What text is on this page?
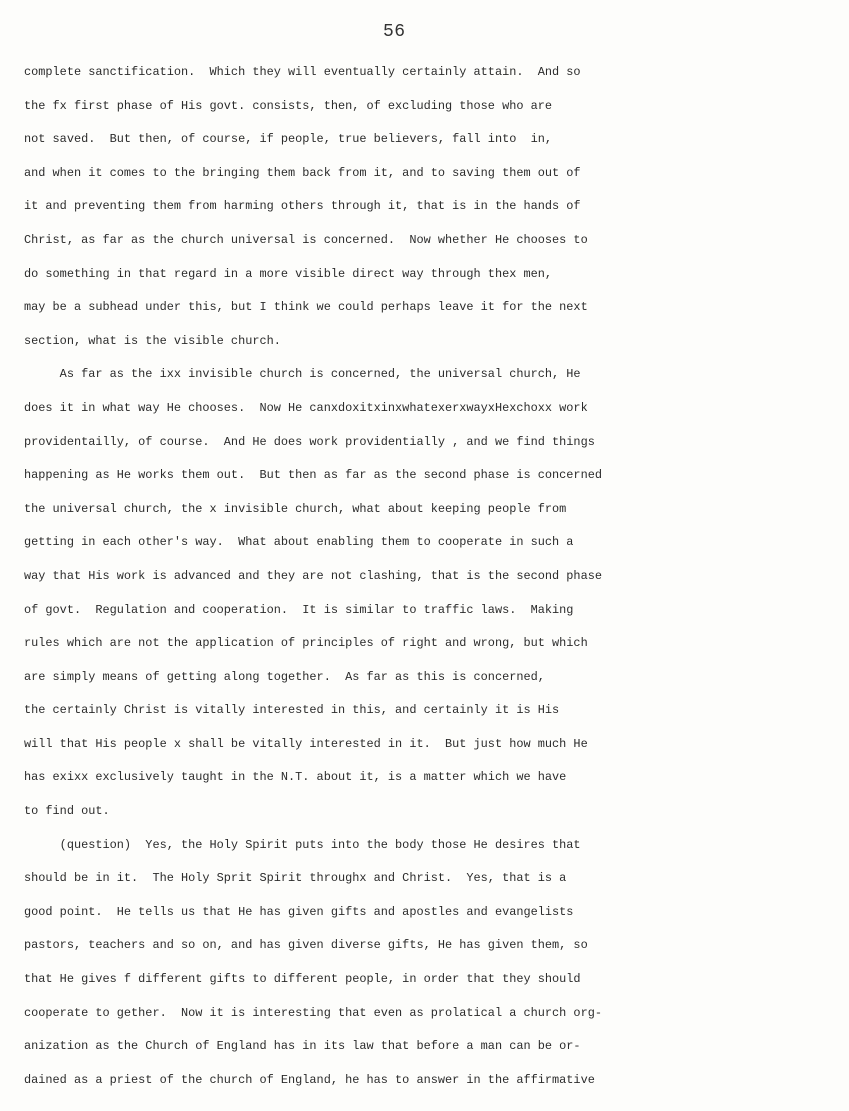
56
complete sanctification.  Which they will eventually certainly attain.  And so
the fx first phase of His govt. consists, then, of excluding those who are
not saved.  But then, of course, if people, true believers, fall into  in,
and when it comes to the bringing them back from it, and to saving them out of
it and preventing them from harming others through it, that is in the hands of
Christ, as far as the church universal is concerned.  Now whether He chooses to
do something in that regard in a more visible direct way through thex men,
may be a subhead under this, but I think we could perhaps leave it for the next
section, what is the visible church.
As far as the ixx invisible church is concerned, the universal church, He
does it in what way He chooses.  Now He canxdoxitxinxwhatexerxwayxHexchoxx work
providentailly, of course.  And He does work providentially , and we find things
happening as He works them out.  But then as far as the second phase is concerned
the universal church, the x invisible church, what about keeping people from
getting in each other's way.  What about enabling them to cooperate in such a
way that His work is advanced and they are not clashing, that is the second phase
of govt.  Regulation and cooperation.  It is similar to traffic laws.  Making
rules which are not the application of principles of right and wrong, but which
are simply means of getting along together.  As far as this is concerned,
the certainly Christ is vitally interested in this, and certainly it is His
will that His people x shall be vitally interested in it.  But just how much He
has exixx exclusively taught in the N.T. about it, is a matter which we have
to find out.
(question)  Yes, the Holy Spirit puts into the body those He desires that
should be in it.  The Holy Sprit Spirit throughx and Christ.  Yes, that is a
good point.  He tells us that He has given gifts and apostles and evangelists
pastors, teachers and so on, and has given diverse gifts, He has given them, so
that He gives f different gifts to different people, in order that they should
cooperate to gether.  Now it is interesting that even as prolatical a church org-
anization as the Church of England has in its law that before a man can be or-
dained as a priest of the church of England, he has to answer in the affirmative
